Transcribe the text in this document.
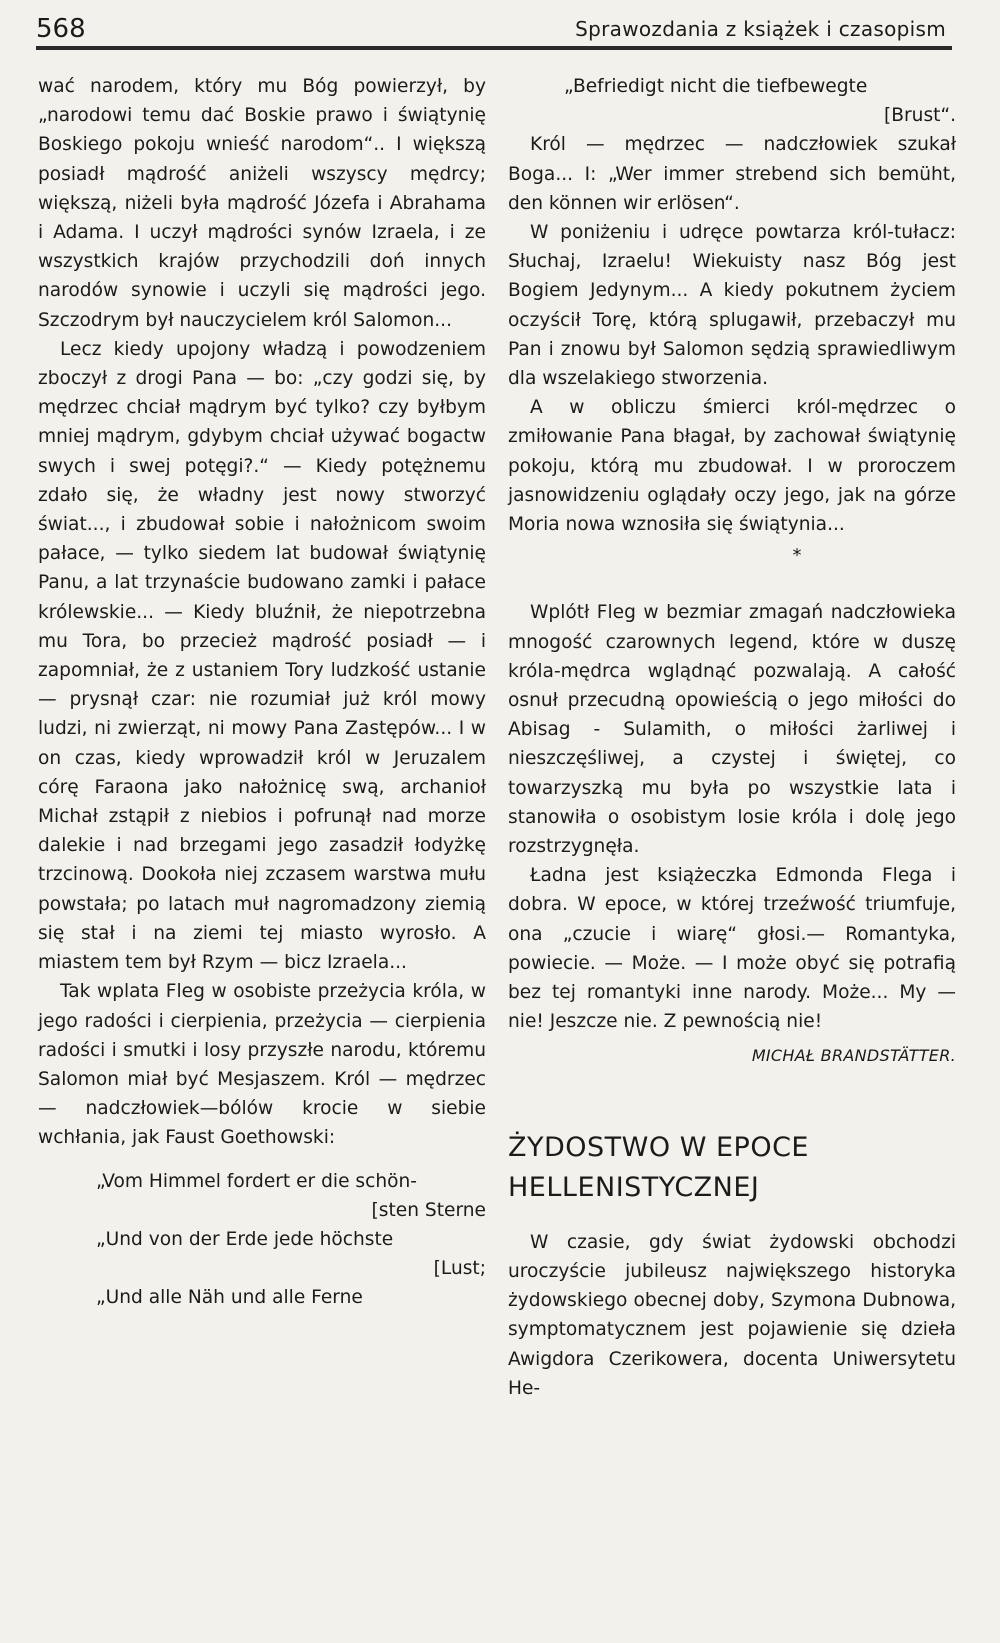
568	Sprawozdania z książek i czasopism

wać narodem, który mu Bóg powierzył, by „narodowi temu dać Boskie prawo i świątynię Boskiego pokoju wnieść narodom“.. I większą posiadł mądrość aniżeli wszyscy mędrcy; większą, niżeli była mądrość Józefa i Abrahama i Adama. I uczył mądrości synów Izraela, i ze wszystkich krajów przychodzili doń innych narodów synowie i uczyli się mądrości jego. Szczodrym był nauczycielem król Salomon...

Lecz kiedy upojony władzą i powodzeniem zboczył z drogi Pana — bo: „czy godzi się, by mędrzec chciał mądrym być tylko? czy byłbym mniej mądrym, gdybym chciał używać bogactw swych i swej potęgi?.“ — Kiedy potężnemu zdało się, że władny jest nowy stworzyć świat..., i zbudował sobie i nałożnicom swoim pałace, — tylko siedem lat budował świątynię Panu, a lat trzynaście budowano zamki i pałace królewskie... — Kiedy bluźnił, że niepotrzebna mu Tora, bo przecież mądrość posiadł — i zapomniał, że z ustaniem Tory ludzkość ustanie — prysnął czar: nie rozumiał już król mowy ludzi, ni zwierząt, ni mowy Pana Zastępów... I w on czas, kiedy wprowadził król w Jeruzalem córę Faraona jako nałożnicę swą, archanioł Michał zstąpił z niebios i pofrunął nad morze dalekie i nad brzegami jego zasadził łodyżkę trzcinową. Dookoła niej zczasem warstwa mułu powstała; po latach muł nagromadzony ziemią się stał i na ziemi tej miasto wyrosło. A miastem tem był Rzym — bicz Izraela...

Tak wplata Fleg w osobiste przeżycia króla, w jego radości i cierpienia, przeżycia — cierpienia radości i smutki i losy przyszłe narodu, któremu Salomon miał być Mesjaszem. Król — mędrzec— nadczłowiek—bólów krocie w siebie wchłania, jak Faust Goethowski:

„Vom Himmel fordert er die schön-
[sten Sterne
„Und von der Erde jede höchste
[Lust;
„Und alle Näh und alle Ferne
„Befriedigt nicht die tiefbewegte
[Brust“.

Król — mędrzec — nadczłowiek szukał Boga... I: „Wer immer strebend sich bemüht, den können wir erlösen“.

W poniżeniu i udręce powtarza król-tułacz: Słuchaj, Izraelu! Wiekuisty nasz Bóg jest Bogiem Jedynym... A kiedy pokutnem życiem oczyścił Torę, którą splugawił, przebaczył mu Pan i znowu był Salomon sędzią sprawiedliwym dla wszelakiego stworzenia.

A w obliczu śmierci król-mędrzec o zmiłowanie Pana błagał, by zachował świątynię pokoju, którą mu zbudował. I w proroczem jasnowidzeniu oglądały oczy jego, jak na górze Moria nowa wznosiła się świątynia...

*

Wplótł Fleg w bezmiar zmagań nadczłowieka mnogość czarownych legend, które w duszę króla-mędrca wglądnąć pozwalają. A całość osnuł przecudną opowieścią o jego miłości do Abisag - Sulamith, o miłości żarliwej i nieszczęśliwej, a czystej i świętej, co towarzyszką mu była po wszystkie lata i stanowiła o osobistym losie króla i dolę jego rozstrzygnęła.

Ładna jest książeczka Edmonda Flega i dobra. W epoce, w której trzeźwość triumfuje, ona „czucie i wiarę“ głosi.— Romantyka, powiecie. — Może. — I może obyć się potrafią bez tej romantyki inne narody. Może... My — nie! Jeszcze nie. Z pewnością nie!

MICHAŁ BRANDSTÄTTER.
ŻYDOSTWO W EPOCE
HELLENISTYCZNEJ

W czasie, gdy świat żydowski obchodzi uroczyście jubileusz największego historyka żydowskiego obecnej doby, Szymona Dubnowa, symptomatycznem jest pojawienie się dzieła Awigdora Czerikowera, docenta Uniwersytetu He-
